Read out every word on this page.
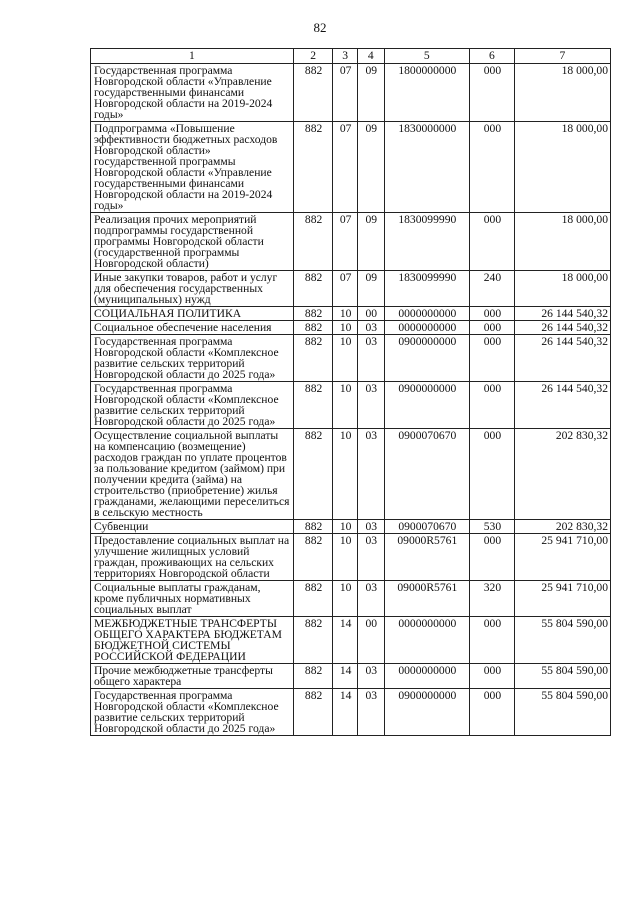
82
1	2	3	4	5	6	7
Государственная программа Новгородской области «Управление государственными финансами Новгородской области на 2019-2024 годы»	882	07	09	1800000000	000	18 000,00
Подпрограмма «Повышение эффективности бюджетных расходов Новгородской области» государственной программы Новгородской области «Управление государственными финансами Новгородской области на 2019-2024 годы»	882	07	09	1830000000	000	18 000,00
Реализация прочих мероприятий подпрограммы государственной программы Новгородской области (государственной программы Новгородской области)	882	07	09	1830099990	000	18 000,00
Иные закупки товаров, работ и услуг для обеспечения государственных (муниципальных) нужд	882	07	09	1830099990	240	18 000,00
СОЦИАЛЬНАЯ ПОЛИТИКА	882	10	00	0000000000	000	26 144 540,32
Социальное обеспечение населения	882	10	03	0000000000	000	26 144 540,32
Государственная программа Новгородской области «Комплексное развитие сельских территорий Новгородской области до 2025 года»	882	10	03	0900000000	000	26 144 540,32
Государственная программа Новгородской области «Комплексное развитие сельских территорий Новгородской области до 2025 года»	882	10	03	0900000000	000	26 144 540,32
Осуществление социальной выплаты на компенсацию (возмещение) расходов граждан по уплате процентов за пользование кредитом (займом) при получении кредита (займа) на строительство (приобретение) жилья гражданами, желающими переселиться в сельскую местность	882	10	03	0900070670	000	202 830,32
Субвенции	882	10	03	0900070670	530	202 830,32
Предоставление социальных выплат на улучшение жилищных условий граждан, проживающих на сельских территориях Новгородской области	882	10	03	09000R5761	000	25 941 710,00
Социальные выплаты гражданам, кроме публичных нормативных социальных выплат	882	10	03	09000R5761	320	25 941 710,00
МЕЖБЮДЖЕТНЫЕ ТРАНСФЕРТЫ ОБЩЕГО ХАРАКТЕРА БЮДЖЕТАМ БЮДЖЕТНОЙ СИСТЕМЫ РОССИЙСКОЙ ФЕДЕРАЦИИ	882	14	00	0000000000	000	55 804 590,00
Прочие межбюджетные трансферты общего характера	882	14	03	0000000000	000	55 804 590,00
Государственная программа Новгородской области «Комплексное развитие сельских территорий Новгородской области до 2025 года»	882	14	03	0900000000	000	55 804 590,00
